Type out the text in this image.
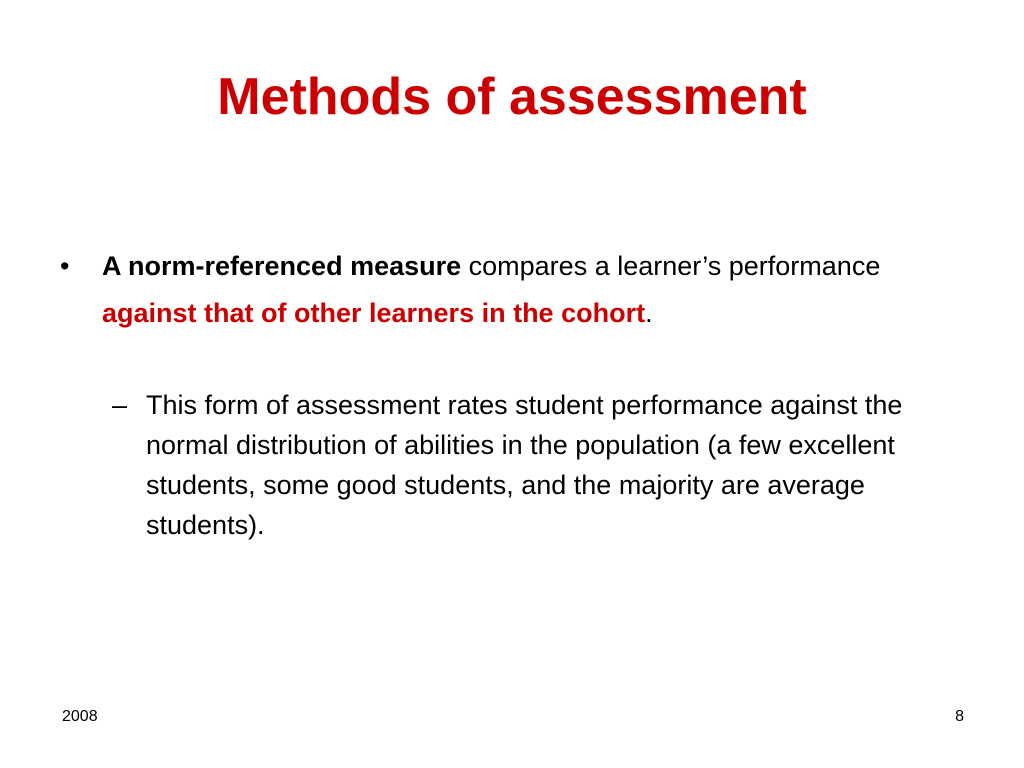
Methods of assessment
•	A norm-referenced measure compares a learner’s performance against that of other learners in the cohort.
– This form of assessment rates student performance against the normal distribution of abilities in the population (a few excellent students, some good students, and the majority are average students).
2008	8
